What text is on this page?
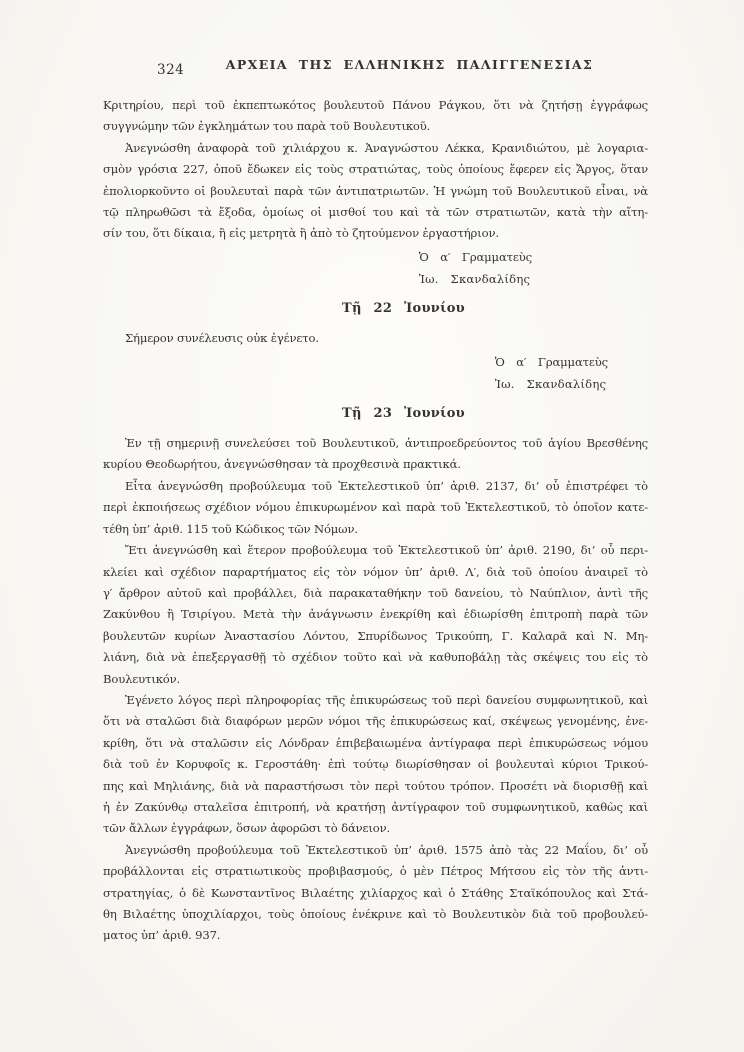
324	ΑΡΧΕΙΑ ΤΗΣ ΕΛΛΗΝΙΚΗΣ ΠΑΛΙΓΓΕΝΕΣΙΑΣ

Κριτηρίου, περὶ τοῦ ἐκπεπτωκότος βουλευτοῦ Πάνου Ράγκου, ὅτι νὰ ζητήσῃ ἐγγράφως
συγγνώμην τῶν ἐγκλημάτων του παρὰ τοῦ Βουλευτικοῦ.

Ἀνεγνώσθη ἀναφορὰ τοῦ χιλιάρχου κ. Ἀναγνώστου Λέκκα, Κρανιδιώτου, μὲ λογαρια-
σμὸν γρόσια 227, ὁποῦ ἔδωκεν εἰς τοὺς στρατιώτας, τοὺς ὁποίους ἔφερεν εἰς Ἄργος, ὅταν
ἐπολιορκοῦντο οἱ βουλευταὶ παρὰ τῶν ἀντιπατριωτῶν. Ἡ γνώμη τοῦ Βουλευτικοῦ εἶναι, νὰ
τῷ πληρωθῶσι τὰ ἔξοδα, ὁμοίως οἱ μισθοί του καὶ τὰ τῶν στρατιωτῶν, κατὰ τὴν αἴτη-
σίν του, ὅτι δίκαια, ἢ εἰς μετρητὰ ἢ ἀπὸ τὸ ζητούμενον ἐργαστήριον.

Ὁ α′ Γραμματεὺς
Ἰω. Σκανδαλίδης
Τῇ 22 Ἰουνίου

Σήμερον συνέλευσις οὐκ ἐγένετο.

Ὁ α′ Γραμματεὺς
Ἰω. Σκανδαλίδης
Τῇ 23 Ἰουνίου

Ἐν τῇ σημερινῇ συνελεύσει τοῦ Βουλευτικοῦ, ἀντιπροεδρεύοντος τοῦ ἁγίου Βρεσθένης
κυρίου Θεοδωρήτου, ἀνεγνώσθησαν τὰ προχθεσινὰ πρακτικά.

Εἶτα ἀνεγνώσθη προβούλευμα τοῦ Ἐκτελεστικοῦ ὑπ’ ἀριθ. 2137, δι’ οὗ ἐπιστρέφει τὸ
περὶ ἐκποιήσεως σχέδιον νόμου ἐπικυρωμένον καὶ παρὰ τοῦ Ἐκτελεστικοῦ, τὸ ὁποῖον κατε-
τέθη ὑπ’ ἀριθ. 115 τοῦ Κώδικος τῶν Νόμων.

Ἔτι ἀνεγνώσθη καὶ ἕτερον προβούλευμα τοῦ Ἐκτελεστικοῦ ὑπ’ ἀριθ. 2190, δι’ οὗ περι-
κλείει καὶ σχέδιον παραρτήματος εἰς τὸν νόμον ὑπ’ ἀριθ. Λ′, διὰ τοῦ ὁποίου ἀναιρεῖ τὸ
γ′ ἄρθρον αὐτοῦ καὶ προβάλλει, διὰ παρακαταθήκην τοῦ δανείου, τὸ Ναύπλιον, ἀντὶ τῆς
Ζακύνθου ἢ Τσιρίγου. Μετὰ τὴν ἀνάγνωσιν ἐνεκρίθη καὶ ἐδιωρίσθη ἐπιτροπὴ παρὰ τῶν
βουλευτῶν κυρίων Ἀναστασίου Λόντου, Σπυρίδωνος Τρικούπη, Γ. Καλαρᾶ καὶ Ν. Μη-
λιάνη, διὰ νὰ ἐπεξεργασθῇ τὸ σχέδιον τοῦτο καὶ νὰ καθυποβάλῃ τὰς σκέψεις του εἰς τὸ
Βουλευτικόν.

Ἐγένετο λόγος περὶ πληροφορίας τῆς ἐπικυρώσεως τοῦ περὶ δανείου συμφωνητικοῦ, καὶ
ὅτι νὰ σταλῶσι διὰ διαφόρων μερῶν νόμοι τῆς ἐπικυρώσεως καί, σκέψεως γενομένης, ἐνε-
κρίθη, ὅτι νὰ σταλῶσιν εἰς Λόνδραν ἐπιβεβαιωμένα ἀντίγραφα περὶ ἐπικυρώσεως νόμου
διὰ τοῦ ἐν Κορυφοῖς κ. Γεροστάθη· ἐπὶ τούτῳ διωρίσθησαν οἱ βουλευταὶ κύριοι Τρικού-
πης καὶ Μηλιάνης, διὰ νὰ παραστήσωσι τὸν περὶ τούτου τρόπον. Προσέτι νὰ διορισθῇ καὶ
ἡ ἐν Ζακύνθῳ σταλεῖσα ἐπιτροπή, νὰ κρατήσῃ ἀντίγραφον τοῦ συμφωνητικοῦ, καθὼς καὶ
τῶν ἄλλων ἐγγράφων, ὅσων ἀφορῶσι τὸ δάνειον.

Ἀνεγνώσθη προβούλευμα τοῦ Ἐκτελεστικοῦ ὑπ’ ἀριθ. 1575 ἀπὸ τὰς 22 Μαΐου, δι’ οὗ
προβάλλονται εἰς στρατιωτικοὺς προβιβασμούς, ὁ μὲν Πέτρος Μήτσου εἰς τὸν τῆς ἀντι-
στρατηγίας, ὁ δὲ Κωνσταντῖνος Βιλαέτης χιλίαρχος καὶ ὁ Στάθης Σταϊκόπουλος καὶ Στά-
θη Βιλαέτης ὑποχιλίαρχοι, τοὺς ὁποίους ἐνέκρινε καὶ τὸ Βουλευτικὸν διὰ τοῦ προβουλεύ-
ματος ὑπ’ ἀριθ. 937.
